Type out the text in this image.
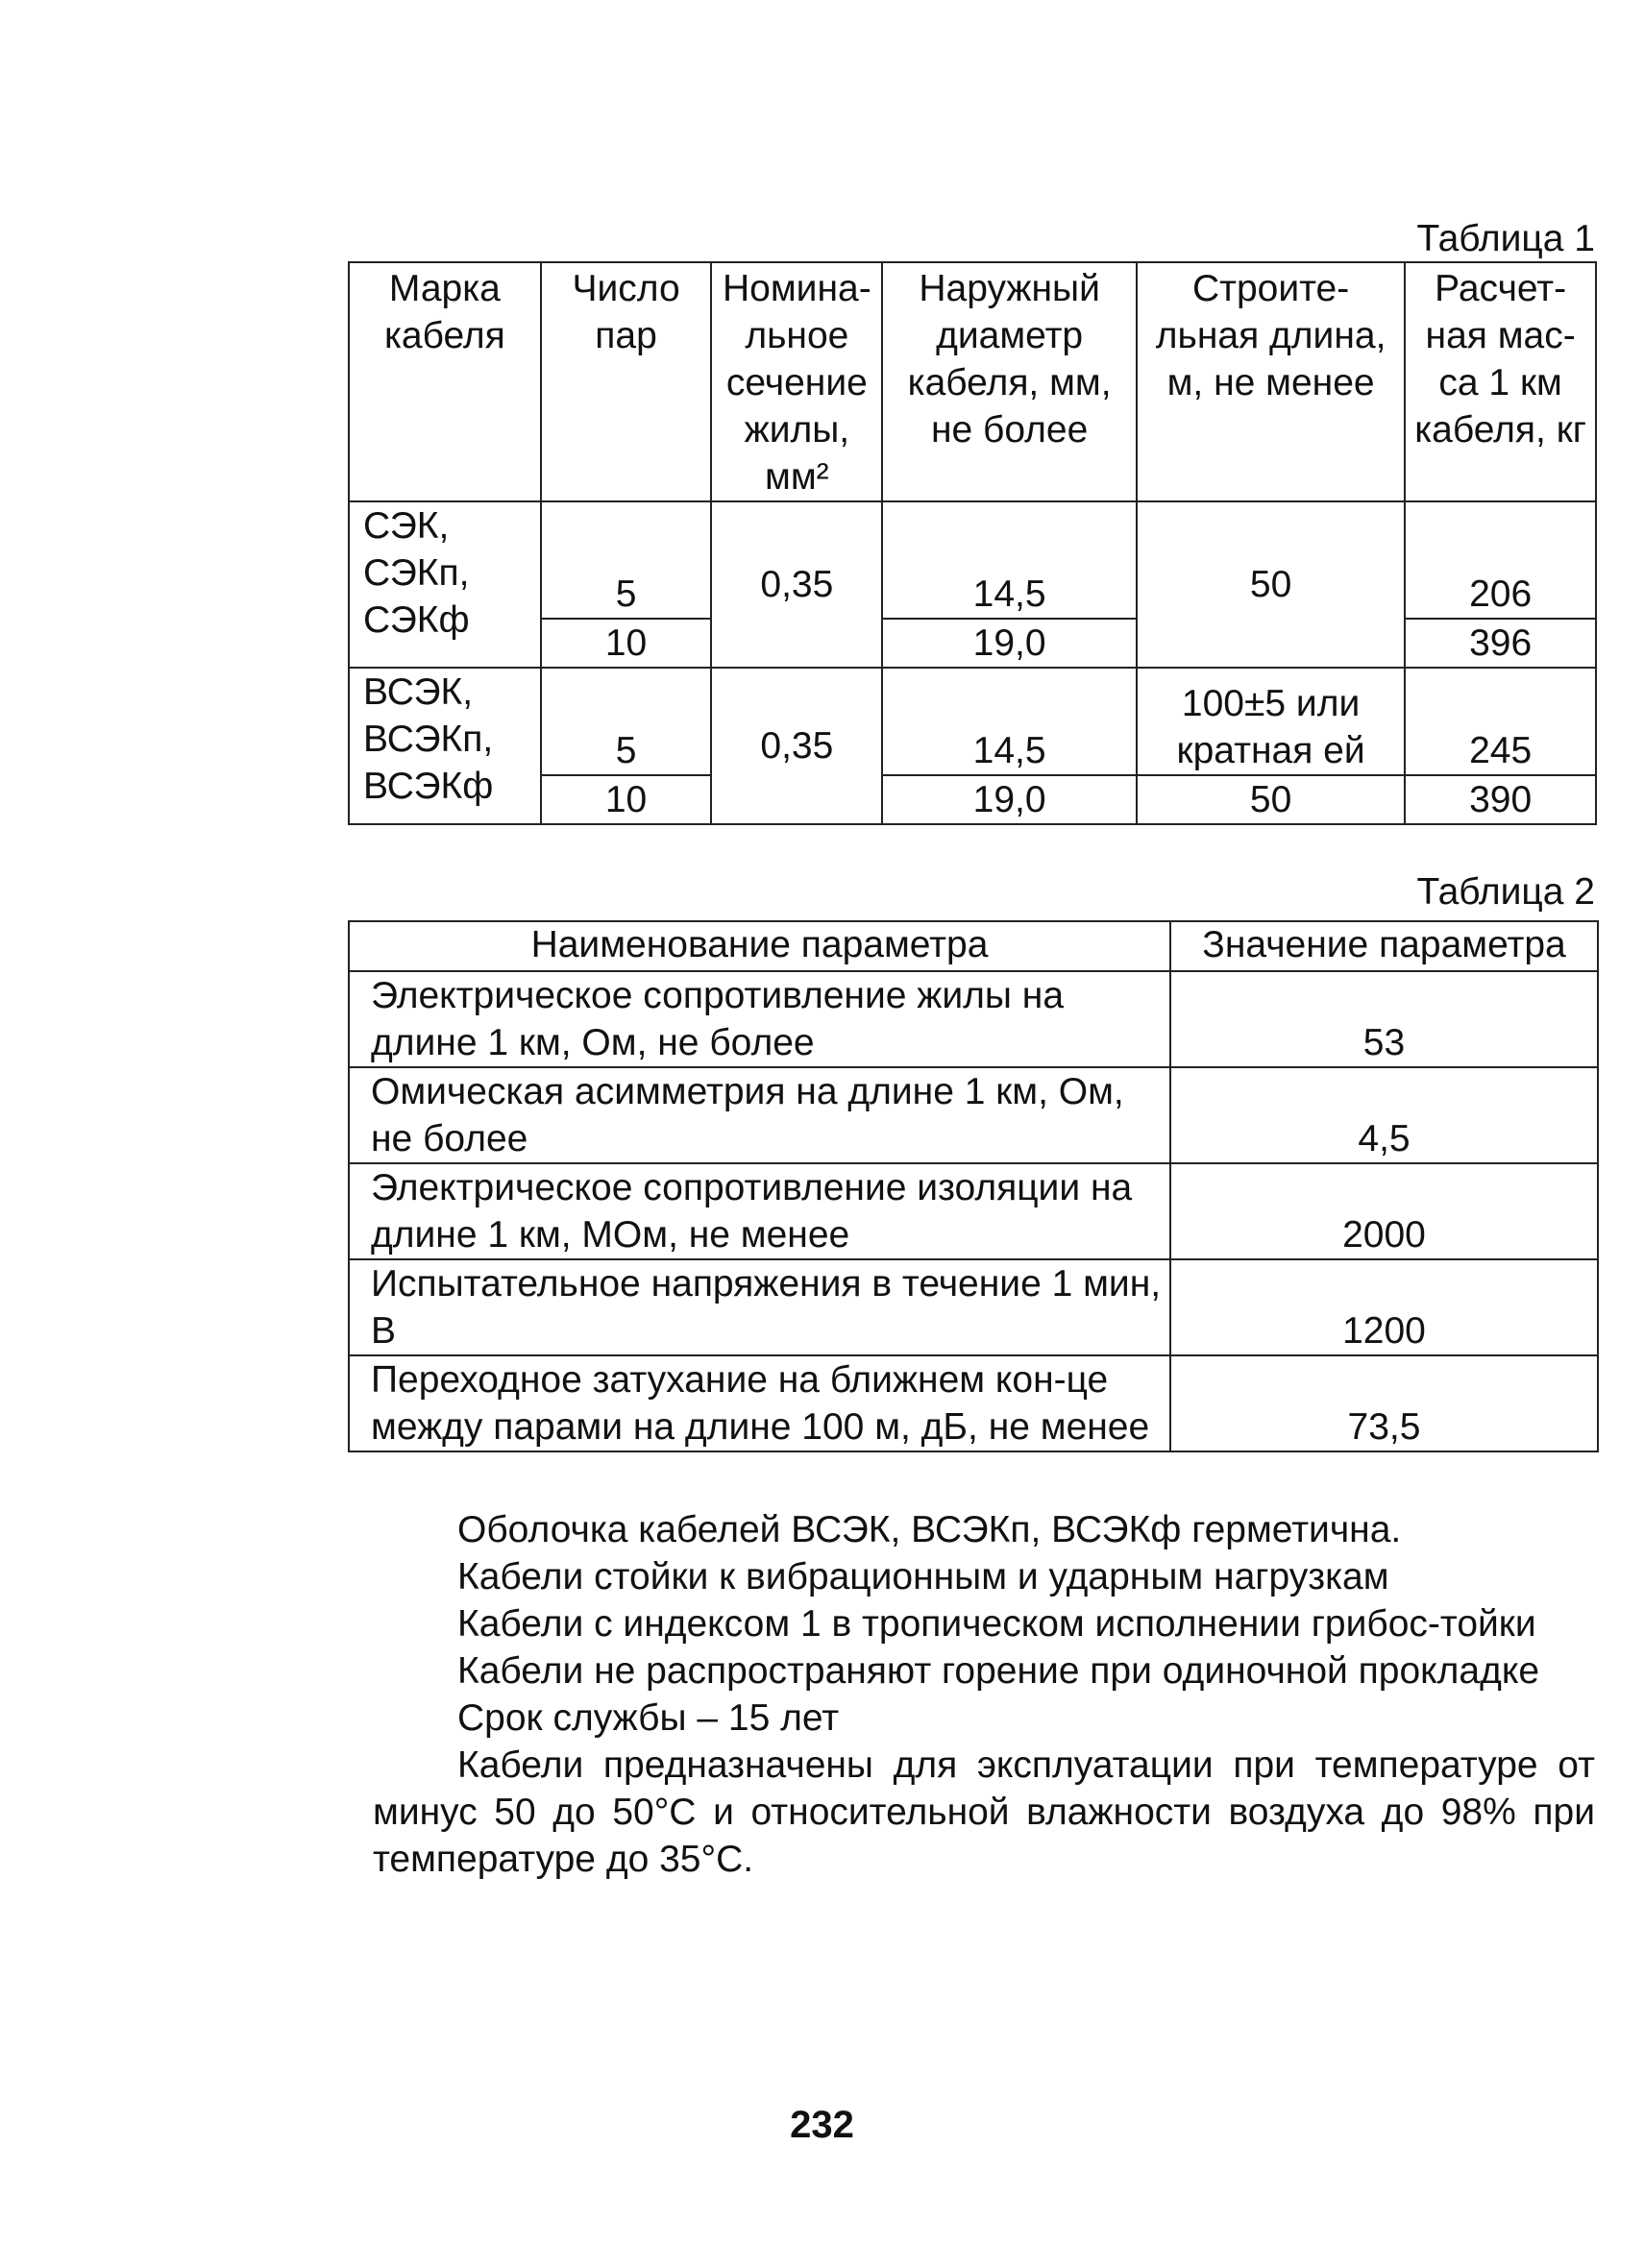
Таблица 1
Марка кабеля	Число пар	Номина-льное сечение жилы, мм²	Наружный диаметр кабеля, мм, не более	Строите-льная длина, м, не менее	Расчет-ная мас-са 1 км кабеля, кг
СЭК, СЭКп, СЭКф	5	0,35	14,5	50	206
	10		19,0		396
ВСЭК, ВСЭКп, ВСЭКф	5	0,35	14,5	100±5 или кратная ей	245
	10		19,0	50	390
Таблица 2
Наименование параметра	Значение параметра
Электрическое сопротивление жилы на длине 1 км, Ом, не более	53
Омическая асимметрия на длине 1 км, Ом, не более	4,5
Электрическое сопротивление изоляции на длине 1 км, МОм, не менее	2000
Испытательное напряжения в течение 1 мин, В	1200
Переходное затухание на ближнем кон-це между парами на длине 100 м, дБ, не менее	73,5

Оболочка кабелей ВСЭК, ВСЭКп, ВСЭКф герметична.

Кабели стойки к вибрационным и ударным нагрузкам

Кабели с индексом 1 в тропическом исполнении грибос-тойки

Кабели не распространяют горение при одиночной прокладке

Срок службы – 15 лет

Кабели предназначены для эксплуатации при температуре от минус 50 до 50°С и относительной влажности воздуха до 98% при температуре до 35°С.

232
